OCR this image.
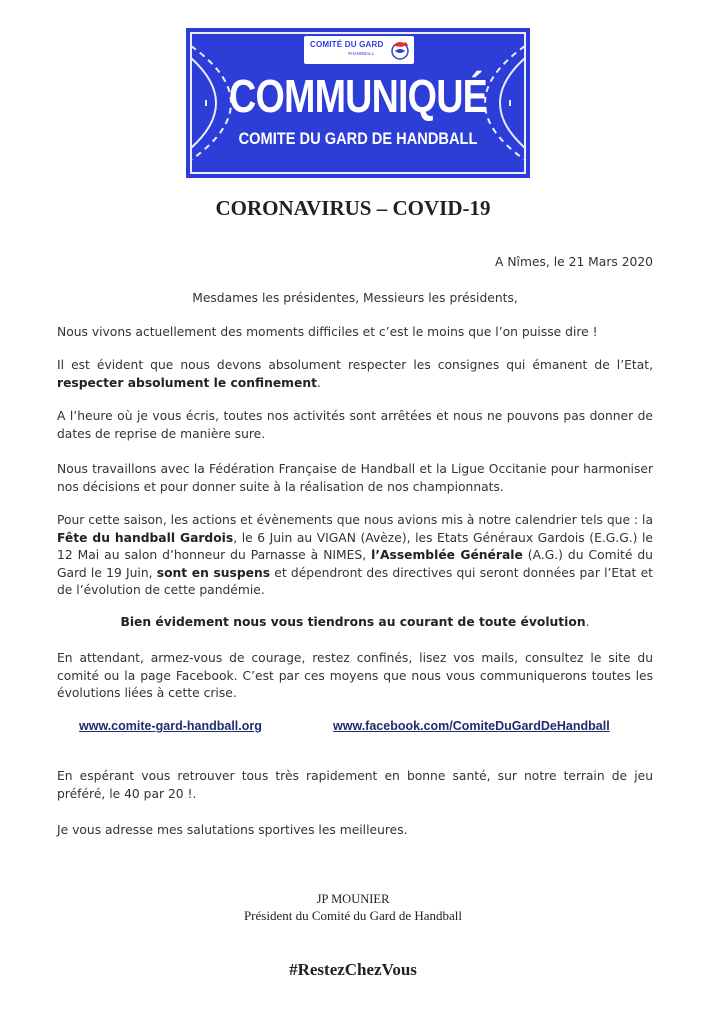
COMITÉ DU GARD
#HANDBALL
COMMUNIQUÉ
COMITE DU GARD DE HANDBALL
CORONAVIRUS – COVID-19

A Nîmes, le 21 Mars 2020

Mesdames les présidentes, Messieurs les présidents,

Nous vivons actuellement des moments difficiles et c’est le moins que l’on puisse dire !

Il est évident que nous devons absolument respecter les consignes qui émanent de l’Etat, respecter absolument le confinement.

A l’heure où je vous écris, toutes nos activités sont arrêtées et nous ne pouvons pas donner de dates de reprise de manière sure.

Nous travaillons avec la Fédération Française de Handball et la Ligue Occitanie pour harmoniser nos décisions et pour donner suite à la réalisation de nos championnats.

Pour cette saison, les actions et évènements que nous avions mis à notre calendrier tels que : la Fête du handball Gardois, le 6 Juin au VIGAN (Avèze), les Etats Généraux Gardois (E.G.G.) le 12 Mai au salon d’honneur du Parnasse à NIMES, l’Assemblée Générale (A.G.) du Comité du Gard le 19 Juin, sont en suspens et dépendront des directives qui seront données par l’Etat et de l’évolution de cette pandémie.

Bien évidement nous vous tiendrons au courant de toute évolution.

En attendant, armez-vous de courage, restez confinés, lisez vos mails, consultez le site du comité ou la page Facebook. C’est par ces moyens que nous vous communiquerons toutes les évolutions liées à cette crise.

www.comite-gard-handball.org	www.facebook.com/ComiteDuGardDeHandball

En espérant vous retrouver tous très rapidement en bonne santé, sur notre terrain de jeu préféré, le 40 par 20 !.

Je vous adresse mes salutations sportives les meilleures.

JP MOUNIER
Président du Comité du Gard de Handball
#RestezChezVous
